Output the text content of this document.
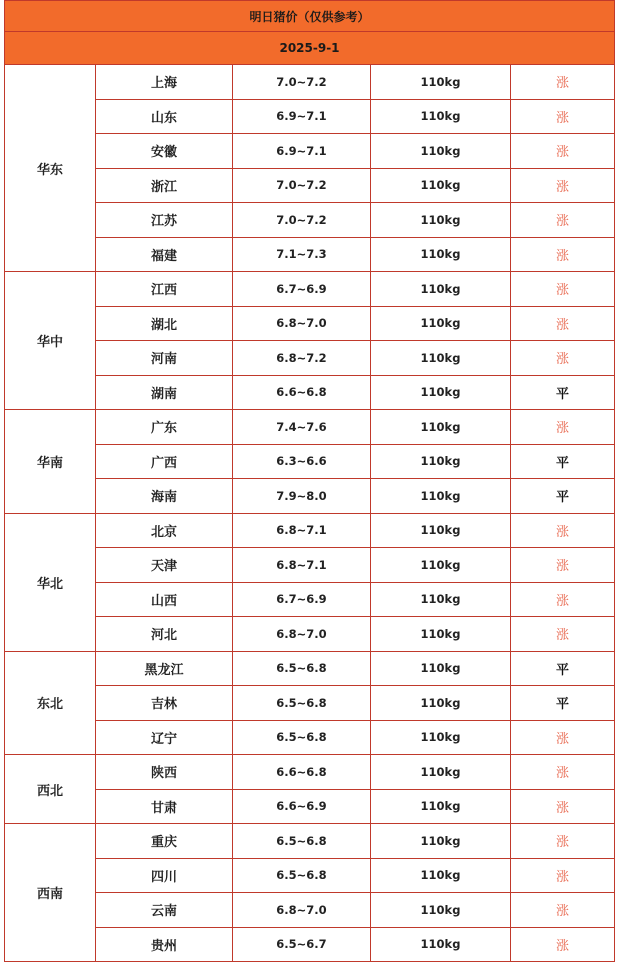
明日猪价（仅供参考）				
2025-9-1				
华东	上海	7.0~7.2	110kg	涨
	山东	6.9~7.1	110kg	涨
	安徽	6.9~7.1	110kg	涨
	浙江	7.0~7.2	110kg	涨
	江苏	7.0~7.2	110kg	涨
	福建	7.1~7.3	110kg	涨
华中	江西	6.7~6.9	110kg	涨
	湖北	6.8~7.0	110kg	涨
	河南	6.8~7.2	110kg	涨
	湖南	6.6~6.8	110kg	平
华南	广东	7.4~7.6	110kg	涨
	广西	6.3~6.6	110kg	平
	海南	7.9~8.0	110kg	平
华北	北京	6.8~7.1	110kg	涨
	天津	6.8~7.1	110kg	涨
	山西	6.7~6.9	110kg	涨
	河北	6.8~7.0	110kg	涨
东北	黑龙江	6.5~6.8	110kg	平
	吉林	6.5~6.8	110kg	平
	辽宁	6.5~6.8	110kg	涨
西北	陕西	6.6~6.8	110kg	涨
	甘肃	6.6~6.9	110kg	涨
西南	重庆	6.5~6.8	110kg	涨
	四川	6.5~6.8	110kg	涨
	云南	6.8~7.0	110kg	涨
	贵州	6.5~6.7	110kg	涨
